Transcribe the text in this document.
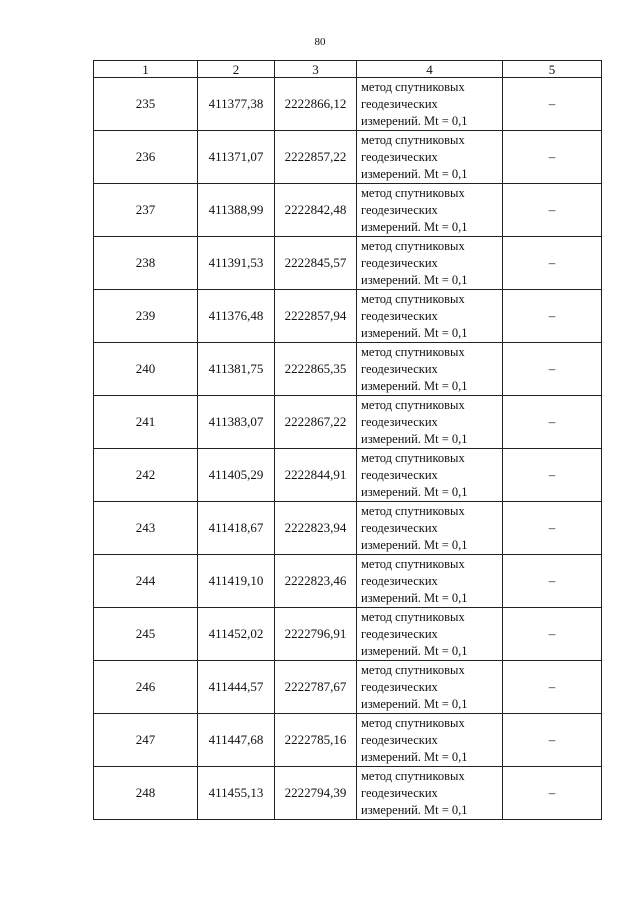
80
1	2	3	4	5
235	411377,38	2222866,12	метод спутниковых
геодезических
измерений. Mt = 0,1	–
236	411371,07	2222857,22	метод спутниковых
геодезических
измерений. Mt = 0,1	–
237	411388,99	2222842,48	метод спутниковых
геодезических
измерений. Mt = 0,1	–
238	411391,53	2222845,57	метод спутниковых
геодезических
измерений. Mt = 0,1	–
239	411376,48	2222857,94	метод спутниковых
геодезических
измерений. Mt = 0,1	–
240	411381,75	2222865,35	метод спутниковых
геодезических
измерений. Mt = 0,1	–
241	411383,07	2222867,22	метод спутниковых
геодезических
измерений. Mt = 0,1	–
242	411405,29	2222844,91	метод спутниковых
геодезических
измерений. Mt = 0,1	–
243	411418,67	2222823,94	метод спутниковых
геодезических
измерений. Mt = 0,1	–
244	411419,10	2222823,46	метод спутниковых
геодезических
измерений. Mt = 0,1	–
245	411452,02	2222796,91	метод спутниковых
геодезических
измерений. Mt = 0,1	–
246	411444,57	2222787,67	метод спутниковых
геодезических
измерений. Mt = 0,1	–
247	411447,68	2222785,16	метод спутниковых
геодезических
измерений. Mt = 0,1	–
248	411455,13	2222794,39	метод спутниковых
геодезических
измерений. Mt = 0,1	–
